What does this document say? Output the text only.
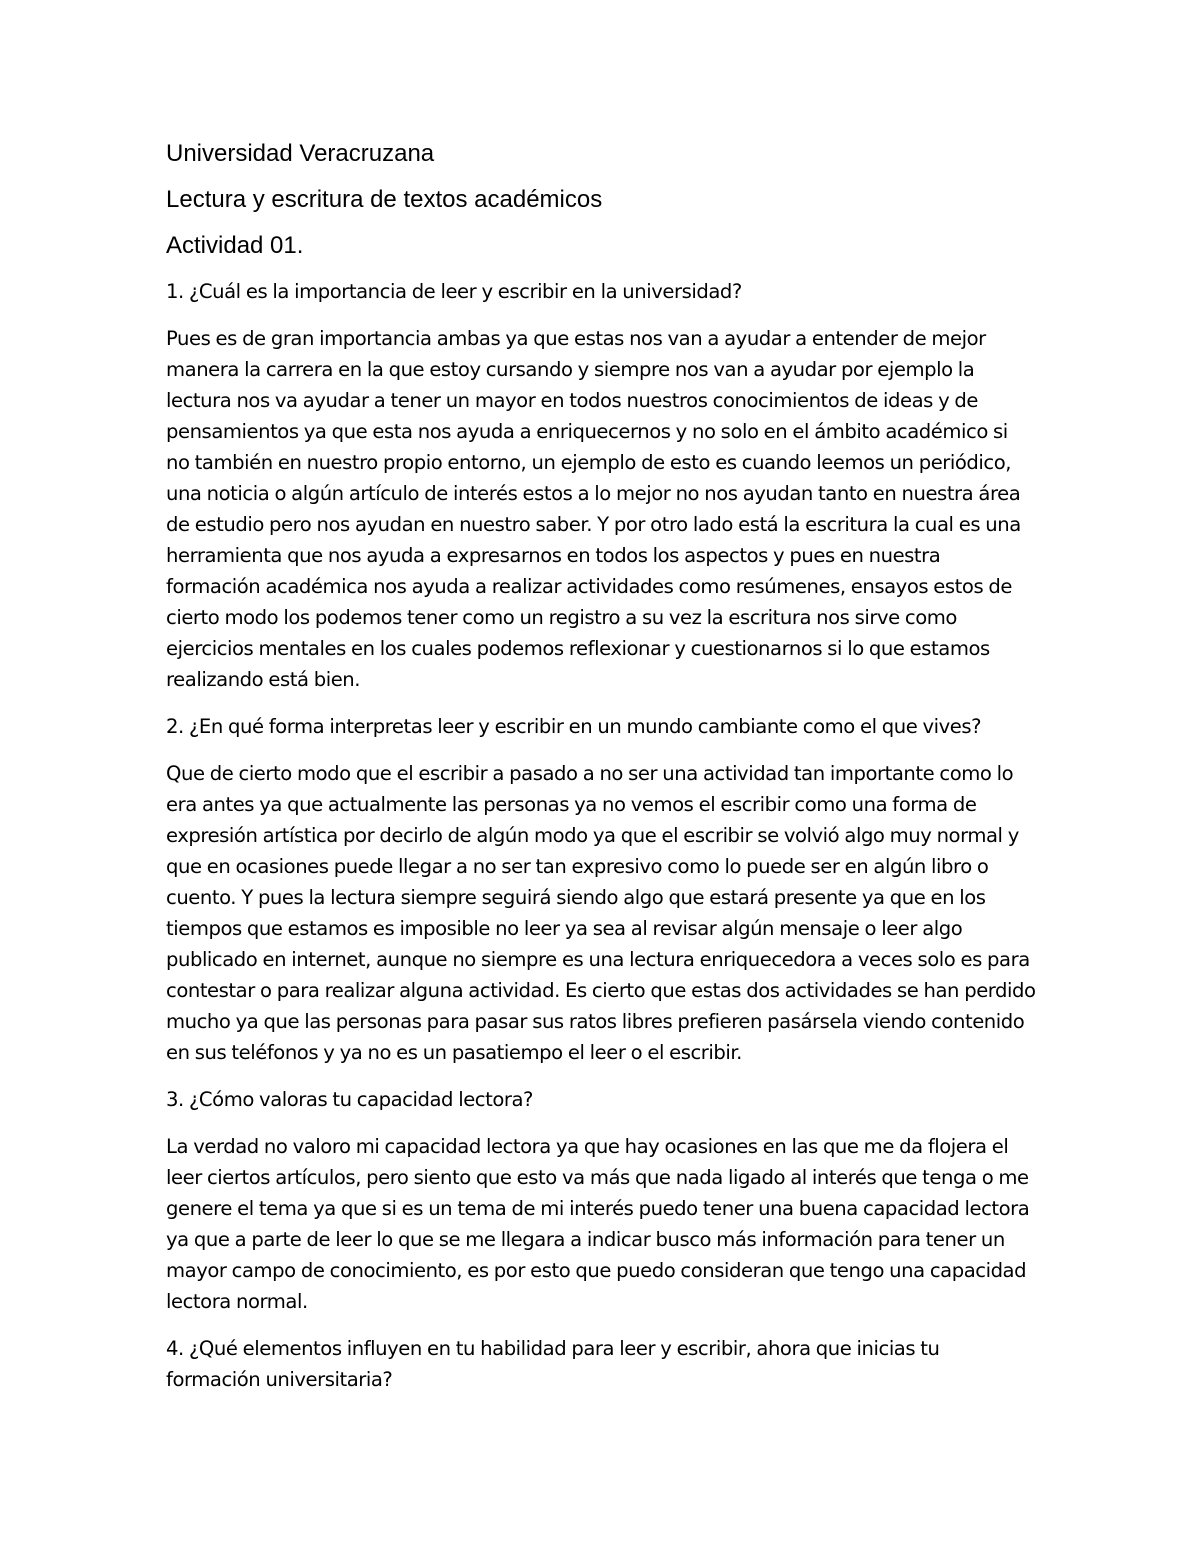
Universidad Veracruzana
Lectura y escritura de textos académicos
Actividad 01.

1. ¿Cuál es la importancia de leer y escribir en la universidad?

Pues es de gran importancia ambas ya que estas nos van a ayudar a entender de mejor manera la carrera en la que estoy cursando y siempre nos van a ayudar por ejemplo la lectura nos va ayudar a tener un mayor en todos nuestros conocimientos de ideas y de pensamientos ya que esta nos ayuda a enriquecernos y no solo en el ámbito académico si no también en nuestro propio entorno, un ejemplo de esto es cuando leemos un periódico, una noticia o algún artículo de interés estos a lo mejor no nos ayudan tanto en nuestra área de estudio pero nos ayudan en nuestro saber. Y por otro lado está la escritura la cual es una herramienta que nos ayuda a expresarnos en todos los aspectos y pues en nuestra formación académica nos ayuda a realizar actividades como resúmenes, ensayos estos de cierto modo los podemos tener como un registro a su vez la escritura nos sirve como ejercicios mentales en los cuales podemos reflexionar y cuestionarnos si lo que estamos realizando está bien.

2. ¿En qué forma interpretas leer y escribir en un mundo cambiante como el que vives?

Que de cierto modo que el escribir a pasado a no ser una actividad tan importante como lo era antes ya que actualmente las personas ya no vemos el escribir como una forma de expresión artística por decirlo de algún modo ya que el escribir se volvió algo muy normal y que en ocasiones puede llegar a no ser tan expresivo como lo puede ser en algún libro o cuento. Y pues la lectura siempre seguirá siendo algo que estará presente ya que en los tiempos que estamos es imposible no leer ya sea al revisar algún mensaje o leer algo publicado en internet, aunque no siempre es una lectura enriquecedora a veces solo es para contestar o para realizar alguna actividad. Es cierto que estas dos actividades se han perdido mucho ya que las personas para pasar sus ratos libres prefieren pasársela viendo contenido en sus teléfonos y ya no es un pasatiempo el leer o el escribir.

3. ¿Cómo valoras tu capacidad lectora?

La verdad no valoro mi capacidad lectora ya que hay ocasiones en las que me da flojera el leer ciertos artículos, pero siento que esto va más que nada ligado al interés que tenga o me genere el tema ya que si es un tema de mi interés puedo tener una buena capacidad lectora ya que a parte de leer lo que se me llegara a indicar busco más información para tener un mayor campo de conocimiento, es por esto que puedo consideran que tengo una capacidad lectora normal.

4. ¿Qué elementos influyen en tu habilidad para leer y escribir, ahora que inicias tu formación universitaria?
